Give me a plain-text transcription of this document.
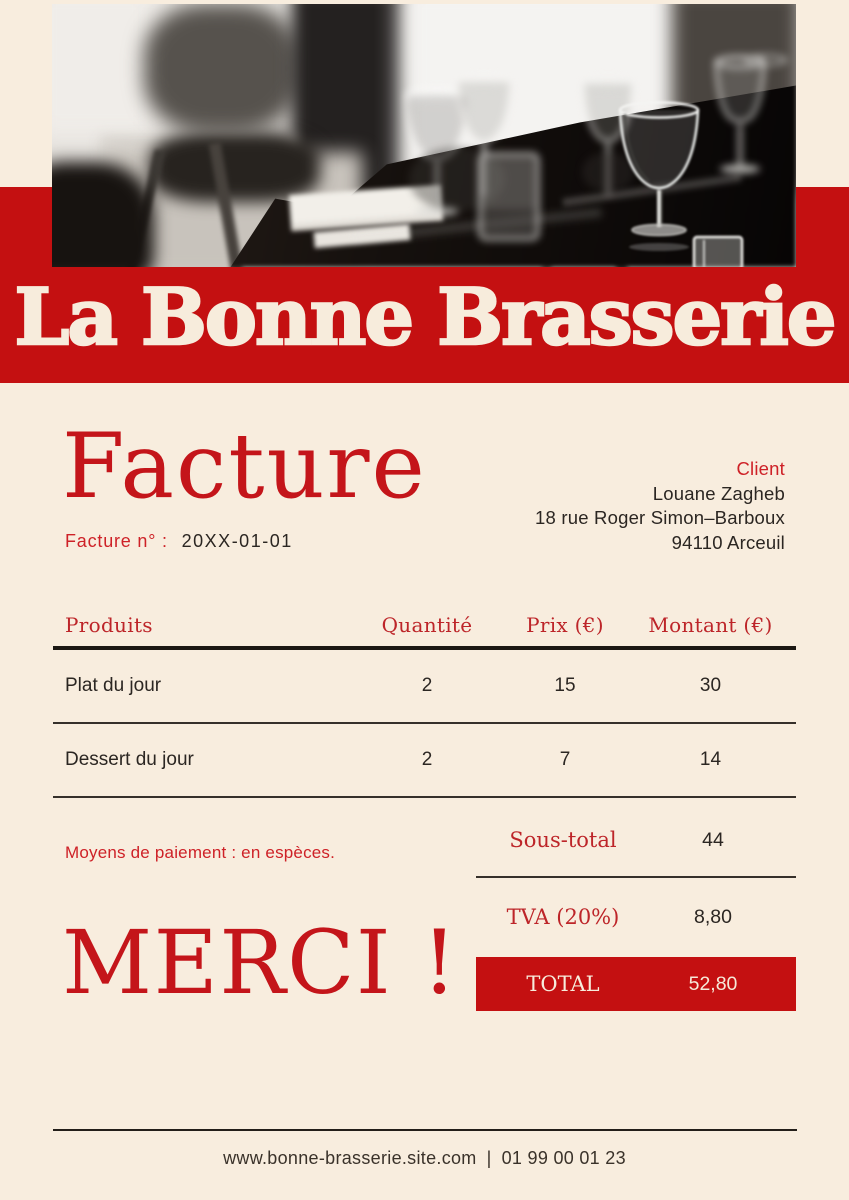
La Bonne Brasserie
Facture
Facture n° : 20XX-01-01
Client
Louane Zagheb
18 rue Roger Simon–Barboux
94110 Arceuil
Produits	Quantité	Prix (€)	Montant (€)
Plat du jour	2	15	30
Dessert du jour	2	7	14
Moyens de paiement : en espèces.
Sous-total	44
TVA (20%)	8,80
TOTAL	52,80
MERCI !
www.bonne-brasserie.site.com | 01 99 00 01 23
